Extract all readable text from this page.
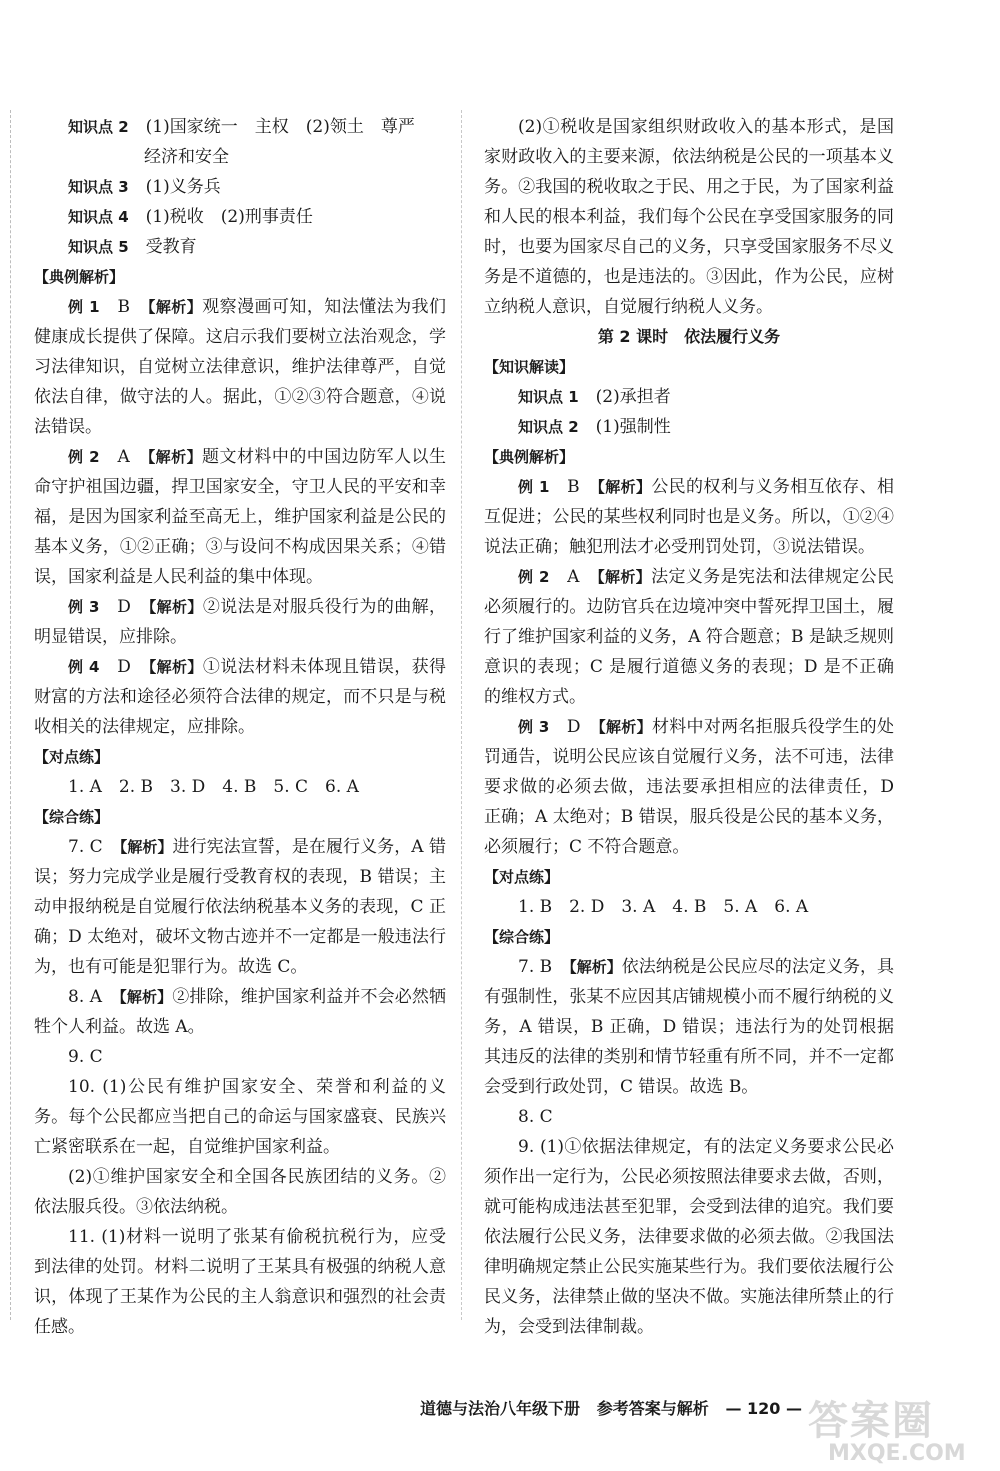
知识点 2　 (1)国家统一　主权　(2)领土　尊严

经济和安全

知识点 3　 (1)义务兵

知识点 4　 (1)税收　(2)刑事责任

知识点 5　 受教育

【典例解析】

例 1　 B　 【解析】观察漫画可知，知法懂法为我们健康成长提供了保障。这启示我们要树立法治观念，学习法律知识，自觉树立法律意识，维护法律尊严，自觉依法自律，做守法的人。据此，①②③符合题意，④说法错误。

例 2　 A　 【解析】题文材料中的中国边防军人以生命守护祖国边疆，捍卫国家安全，守卫人民的平安和幸福，是因为国家利益至高无上，维护国家利益是公民的基本义务，①②正确；③与设问不构成因果关系；④错误，国家利益是人民利益的集中体现。

例 3　 D　 【解析】②说法是对服兵役行为的曲解，明显错误，应排除。

例 4　 D　 【解析】①说法材料未体现且错误，获得财富的方法和途径必须符合法律的规定，而不只是与税收相关的法律规定，应排除。

【对点练】

1. A　2. B　3. D　4. B　5. C　6. A

【综合练】

7. C　 【解析】进行宪法宣誓，是在履行义务，A 错误；努力完成学业是履行受教育权的表现，B 错误；主动申报纳税是自觉履行依法纳税基本义务的表现，C 正确；D 太绝对，破坏文物古迹并不一定都是一般违法行为，也有可能是犯罪行为。故选 C。

8. A　 【解析】②排除，维护国家利益并不会必然牺牲个人利益。故选 A。

9. C

10. (1)公民有维护国家安全、荣誉和利益的义务。每个公民都应当把自己的命运与国家盛衰、民族兴亡紧密联系在一起，自觉维护国家利益。

(2)①维护国家安全和全国各民族团结的义务。②依法服兵役。③依法纳税。

11. (1)材料一说明了张某有偷税抗税行为，应受到法律的处罚。材料二说明了王某具有极强的纳税人意识，体现了王某作为公民的主人翁意识和强烈的社会责任感。

(2)①税收是国家组织财政收入的基本形式，是国家财政收入的主要来源，依法纳税是公民的一项基本义务。②我国的税收取之于民、用之于民，为了国家利益和人民的根本利益，我们每个公民在享受国家服务的同时，也要为国家尽自己的义务，只享受国家服务不尽义务是不道德的，也是违法的。③因此，作为公民，应树立纳税人意识，自觉履行纳税人义务。

第 2 课时　依法履行义务

【知识解读】

知识点 1　 (2)承担者

知识点 2　 (1)强制性

【典例解析】

例 1　 B　 【解析】公民的权利与义务相互依存、相互促进；公民的某些权利同时也是义务。所以，①②④说法正确；触犯刑法才必受刑罚处罚，③说法错误。

例 2　 A　 【解析】法定义务是宪法和法律规定公民必须履行的。边防官兵在边境冲突中誓死捍卫国土，履行了维护国家利益的义务，A 符合题意；B 是缺乏规则意识的表现；C 是履行道德义务的表现；D 是不正确的维权方式。

例 3　 D　 【解析】材料中对两名拒服兵役学生的处罚通告，说明公民应该自觉履行义务，法不可违，法律要求做的必须去做，违法要承担相应的法律责任，D 正确；A 太绝对；B 错误，服兵役是公民的基本义务，必须履行；C 不符合题意。

【对点练】

1. B　2. D　3. A　4. B　5. A　6. A

【综合练】

7. B　 【解析】依法纳税是公民应尽的法定义务，具有强制性，张某不应因其店铺规模小而不履行纳税的义务，A 错误，B 正确，D 错误；违法行为的处罚根据其违反的法律的类别和情节轻重有所不同，并不一定都会受到行政处罚，C 错误。故选 B。

8. C

9. (1)①依据法律规定，有的法定义务要求公民必须作出一定行为，公民必须按照法律要求去做，否则，就可能构成违法甚至犯罪，会受到法律的追究。我们要依法履行公民义务，法律要求做的必须去做。②我国法律明确规定禁止公民实施某些行为。我们要依法履行公民义务，法律禁止做的坚决不做。实施法律所禁止的行为，会受到法律制裁。

道德与法治八年级下册 参考答案与解析 — 120 — 答案圈
MXQE.COM
